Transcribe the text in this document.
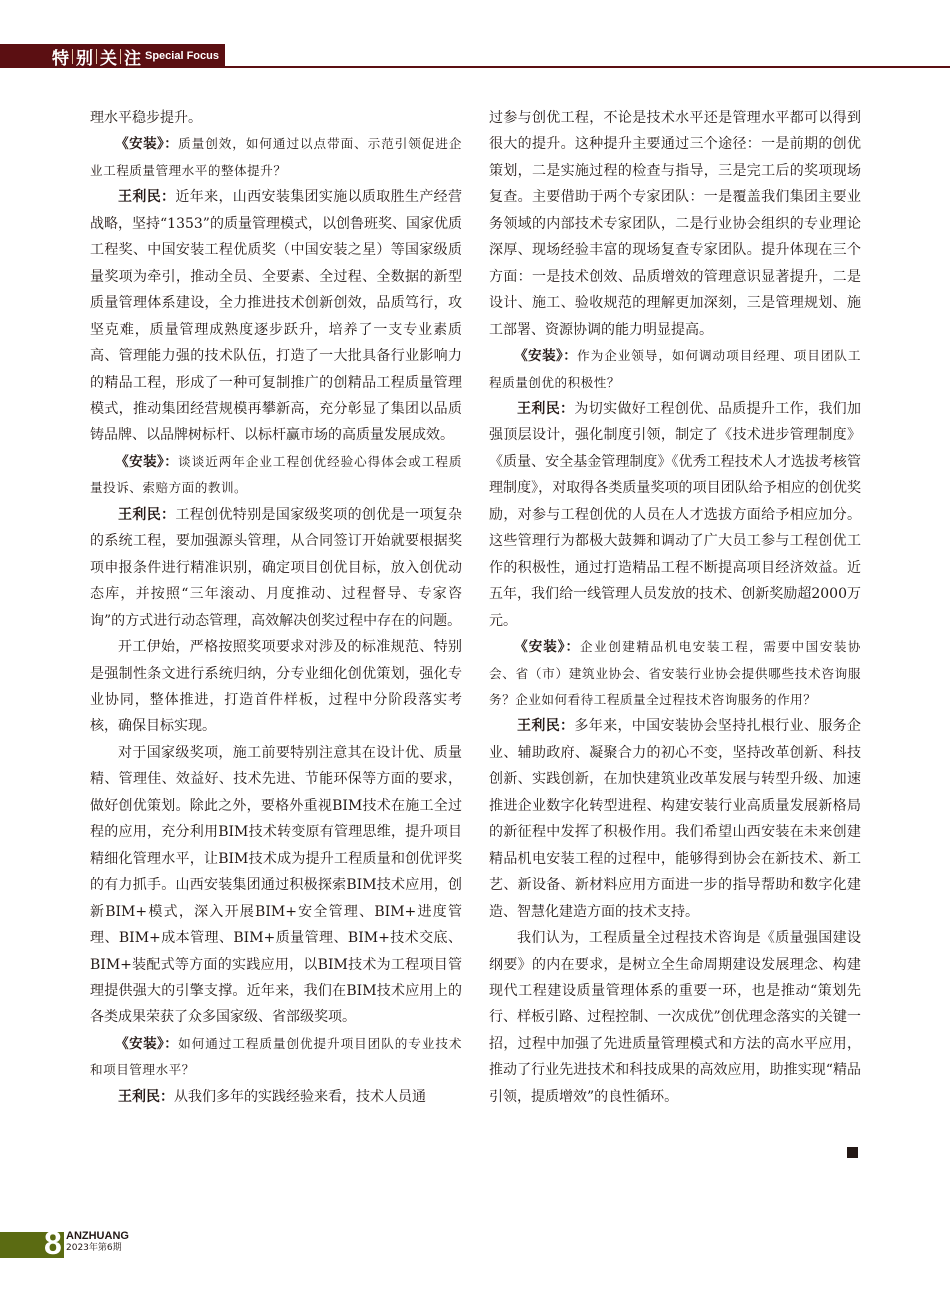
特 别 关 注 Special Focus

理水平稳步提升。

《安装》：质量创效，如何通过以点带面、示范引领促进企业工程质量管理水平的整体提升？

王利民：近年来，山西安装集团实施以质取胜生产经营战略，坚持“1353”的质量管理模式，以创鲁班奖、国家优质工程奖、中国安装工程优质奖（中国安装之星）等国家级质量奖项为牵引，推动全员、全要素、全过程、全数据的新型质量管理体系建设，全力推进技术创新创效，品质笃行，攻坚克难，质量管理成熟度逐步跃升，培养了一支专业素质高、管理能力强的技术队伍，打造了一大批具备行业影响力的精品工程，形成了一种可复制推广的创精品工程质量管理模式，推动集团经营规模再攀新高，充分彰显了集团以品质铸品牌、以品牌树标杆、以标杆赢市场的高质量发展成效。

《安装》：谈谈近两年企业工程创优经验心得体会或工程质量投诉、索赔方面的教训。

王利民：工程创优特别是国家级奖项的创优是一项复杂的系统工程，要加强源头管理，从合同签订开始就要根据奖项申报条件进行精准识别，确定项目创优目标，放入创优动态库，并按照“三年滚动、月度推动、过程督导、专家咨询”的方式进行动态管理，高效解决创奖过程中存在的问题。

开工伊始，严格按照奖项要求对涉及的标准规范、特别是强制性条文进行系统归纳，分专业细化创优策划，强化专业协同，整体推进，打造首件样板，过程中分阶段落实考核，确保目标实现。

对于国家级奖项，施工前要特别注意其在设计优、质量精、管理佳、效益好、技术先进、节能环保等方面的要求，做好创优策划。除此之外，要格外重视BIM技术在施工全过程的应用，充分利用BIM技术转变原有管理思维，提升项目精细化管理水平，让BIM技术成为提升工程质量和创优评奖的有力抓手。山西安装集团通过积极探索BIM技术应用，创新BIM+模式，深入开展BIM+安全管理、BIM+进度管理、BIM+成本管理、BIM+质量管理、BIM+技术交底、BIM+装配式等方面的实践应用，以BIM技术为工程项目管理提供强大的引擎支撑。近年来，我们在BIM技术应用上的各类成果荣获了众多国家级、省部级奖项。

《安装》：如何通过工程质量创优提升项目团队的专业技术和项目管理水平？

王利民：从我们多年的实践经验来看，技术人员通

过参与创优工程，不论是技术水平还是管理水平都可以得到很大的提升。这种提升主要通过三个途径：一是前期的创优策划，二是实施过程的检查与指导，三是完工后的奖项现场复查。主要借助于两个专家团队：一是覆盖我们集团主要业务领域的内部技术专家团队，二是行业协会组织的专业理论深厚、现场经验丰富的现场复查专家团队。提升体现在三个方面：一是技术创效、品质增效的管理意识显著提升，二是设计、施工、验收规范的理解更加深刻，三是管理规划、施工部署、资源协调的能力明显提高。

《安装》：作为企业领导，如何调动项目经理、项目团队工程质量创优的积极性？

王利民：为切实做好工程创优、品质提升工作，我们加强顶层设计，强化制度引领，制定了《技术进步管理制度》《质量、安全基金管理制度》《优秀工程技术人才选拔考核管理制度》，对取得各类质量奖项的项目团队给予相应的创优奖励，对参与工程创优的人员在人才选拔方面给予相应加分。这些管理行为都极大鼓舞和调动了广大员工参与工程创优工作的积极性，通过打造精品工程不断提高项目经济效益。近五年，我们给一线管理人员发放的技术、创新奖励超2000万元。

《安装》：企业创建精品机电安装工程，需要中国安装协会、省（市）建筑业协会、省安装行业协会提供哪些技术咨询服务？企业如何看待工程质量全过程技术咨询服务的作用？

王利民：多年来，中国安装协会坚持扎根行业、服务企业、辅助政府、凝聚合力的初心不变，坚持改革创新、科技创新、实践创新，在加快建筑业改革发展与转型升级、加速推进企业数字化转型进程、构建安装行业高质量发展新格局的新征程中发挥了积极作用。我们希望山西安装在未来创建精品机电安装工程的过程中，能够得到协会在新技术、新工艺、新设备、新材料应用方面进一步的指导帮助和数字化建造、智慧化建造方面的技术支持。

我们认为，工程质量全过程技术咨询是《质量强国建设纲要》的内在要求，是树立全生命周期建设发展理念、构建现代工程建设质量管理体系的重要一环，也是推动“策划先行、样板引路、过程控制、一次成优”创优理念落实的关键一招，过程中加强了先进质量管理模式和方法的高水平应用，推动了行业先进技术和科技成果的高效应用，助推实现“精品引领，提质增效”的良性循环。

8 ANZHUANG
2023年第6期
